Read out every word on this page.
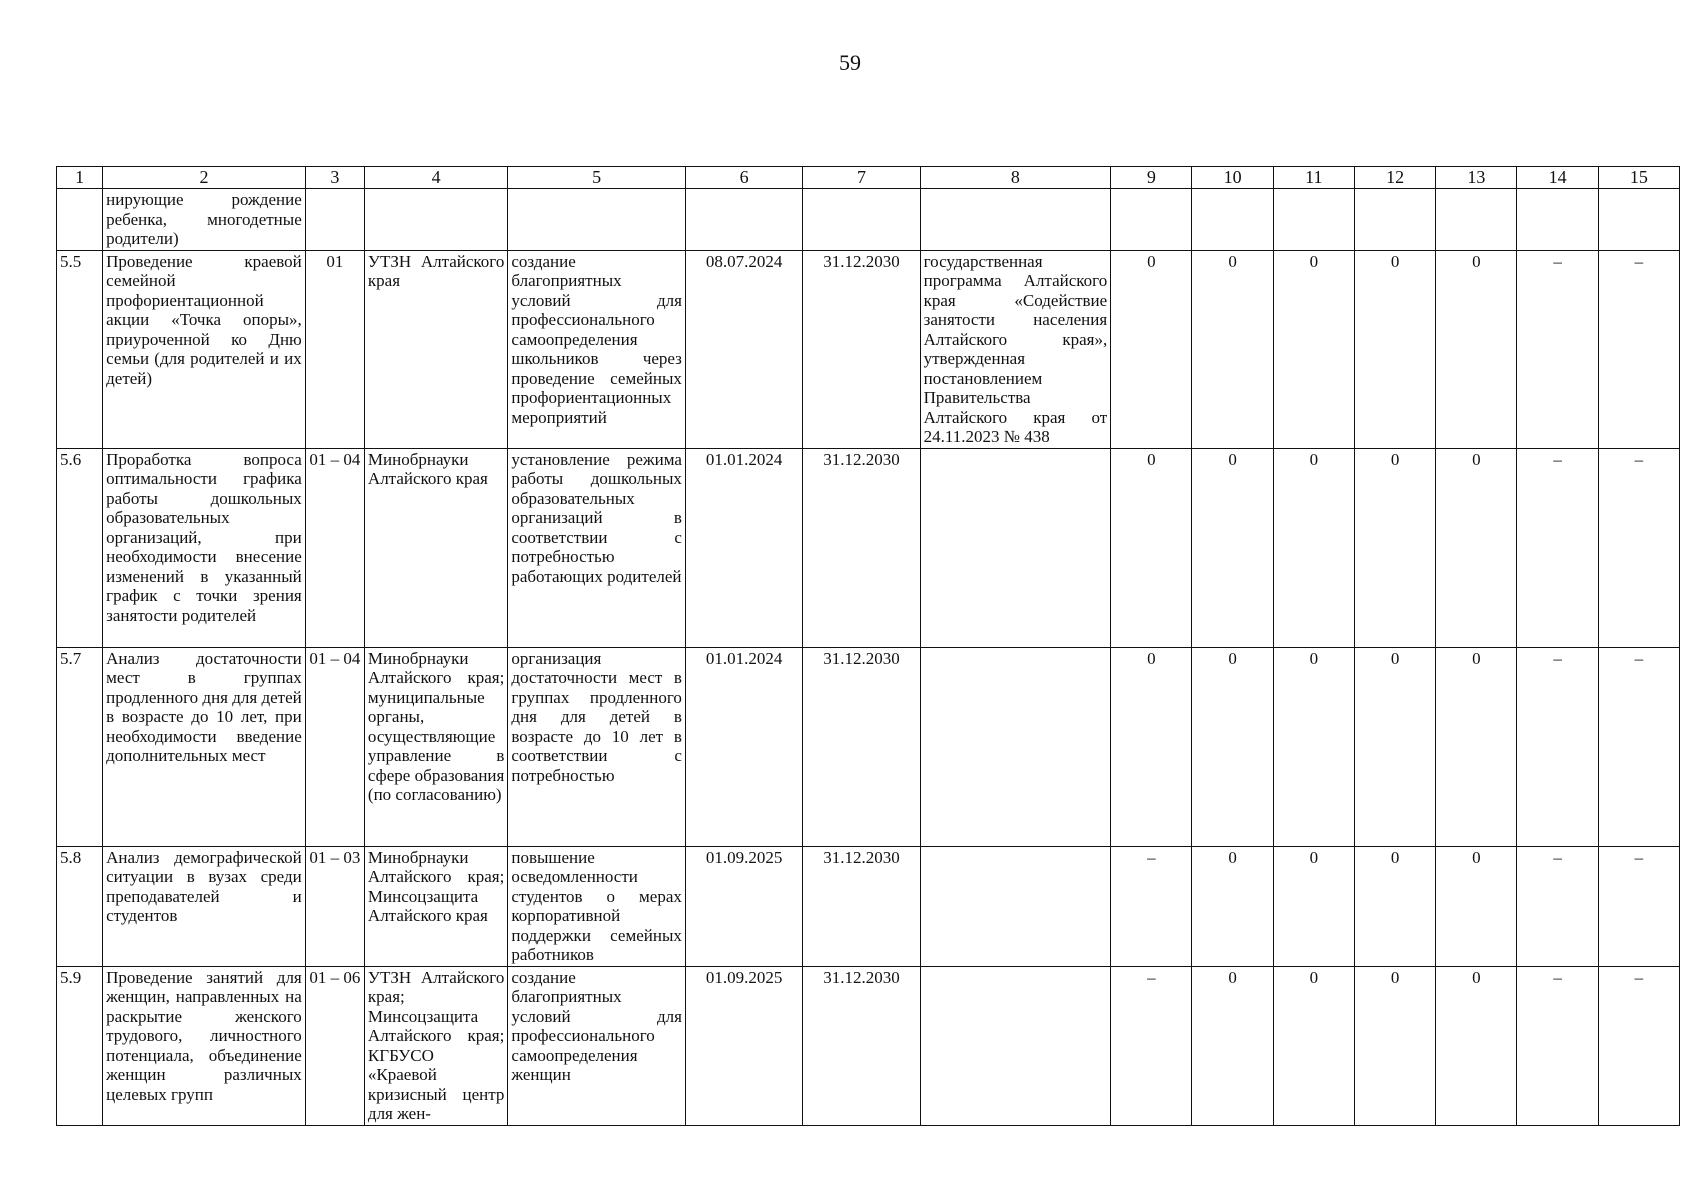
59
1	2	3	4	5	6	7	8	9	10	11	12	13	14	15
	нирующие рождение ребенка, многодетные родители)													
5.5	Проведение краевой семейной профориентационной акции «Точка опоры», приуроченной ко Дню семьи (для родителей и их детей)	01	УТЗН Алтайского края	создание благоприятных условий для профессионального самоопределения школьников через проведение семейных профориентационных мероприятий	08.07.2024	31.12.2030	государственная программа Алтайского края «Содействие занятости населения Алтайского края», утвержденная постановлением Правительства Алтайского края от 24.11.2023 № 438	0	0	0	0	0	–	–
5.6	Проработка вопроса оптимальности графика работы дошкольных образовательных организаций, при необходимости внесение изменений в указанный график с точки зрения занятости родителей	01 – 04	Минобрнауки Алтайского края	установление режима работы дошкольных образовательных организаций в соответствии с потребностью работающих родителей	01.01.2024	31.12.2030		0	0	0	0	0	–	–
5.7	Анализ достаточности мест в группах продленного дня для детей в возрасте до 10 лет, при необходимости введение дополнительных мест	01 – 04	Минобрнауки Алтайского края; муниципальные органы, осуществляющие управление в сфере образования (по согласованию)	организация достаточности мест в группах продленного дня для детей в возрасте до 10 лет в соответствии с потребностью	01.01.2024	31.12.2030		0	0	0	0	0	–	–
5.8	Анализ демографической ситуации в вузах среди преподавателей и студентов	01 – 03	Минобрнауки Алтайского края; Минсоцзащита Алтайского края	повышение осведомленности студентов о мерах корпоративной поддержки семейных работников	01.09.2025	31.12.2030		–	0	0	0	0	–	–
5.9	Проведение занятий для женщин, направленных на раскрытие женского трудового, личностного потенциала, объединение женщин различных целевых групп	01 – 06	УТЗН Алтайского края; Минсоцзащита Алтайского края; КГБУСО «Краевой кризисный центр для жен-	создание благоприятных условий для профессионального самоопределения женщин	01.09.2025	31.12.2030		–	0	0	0	0	–	–
